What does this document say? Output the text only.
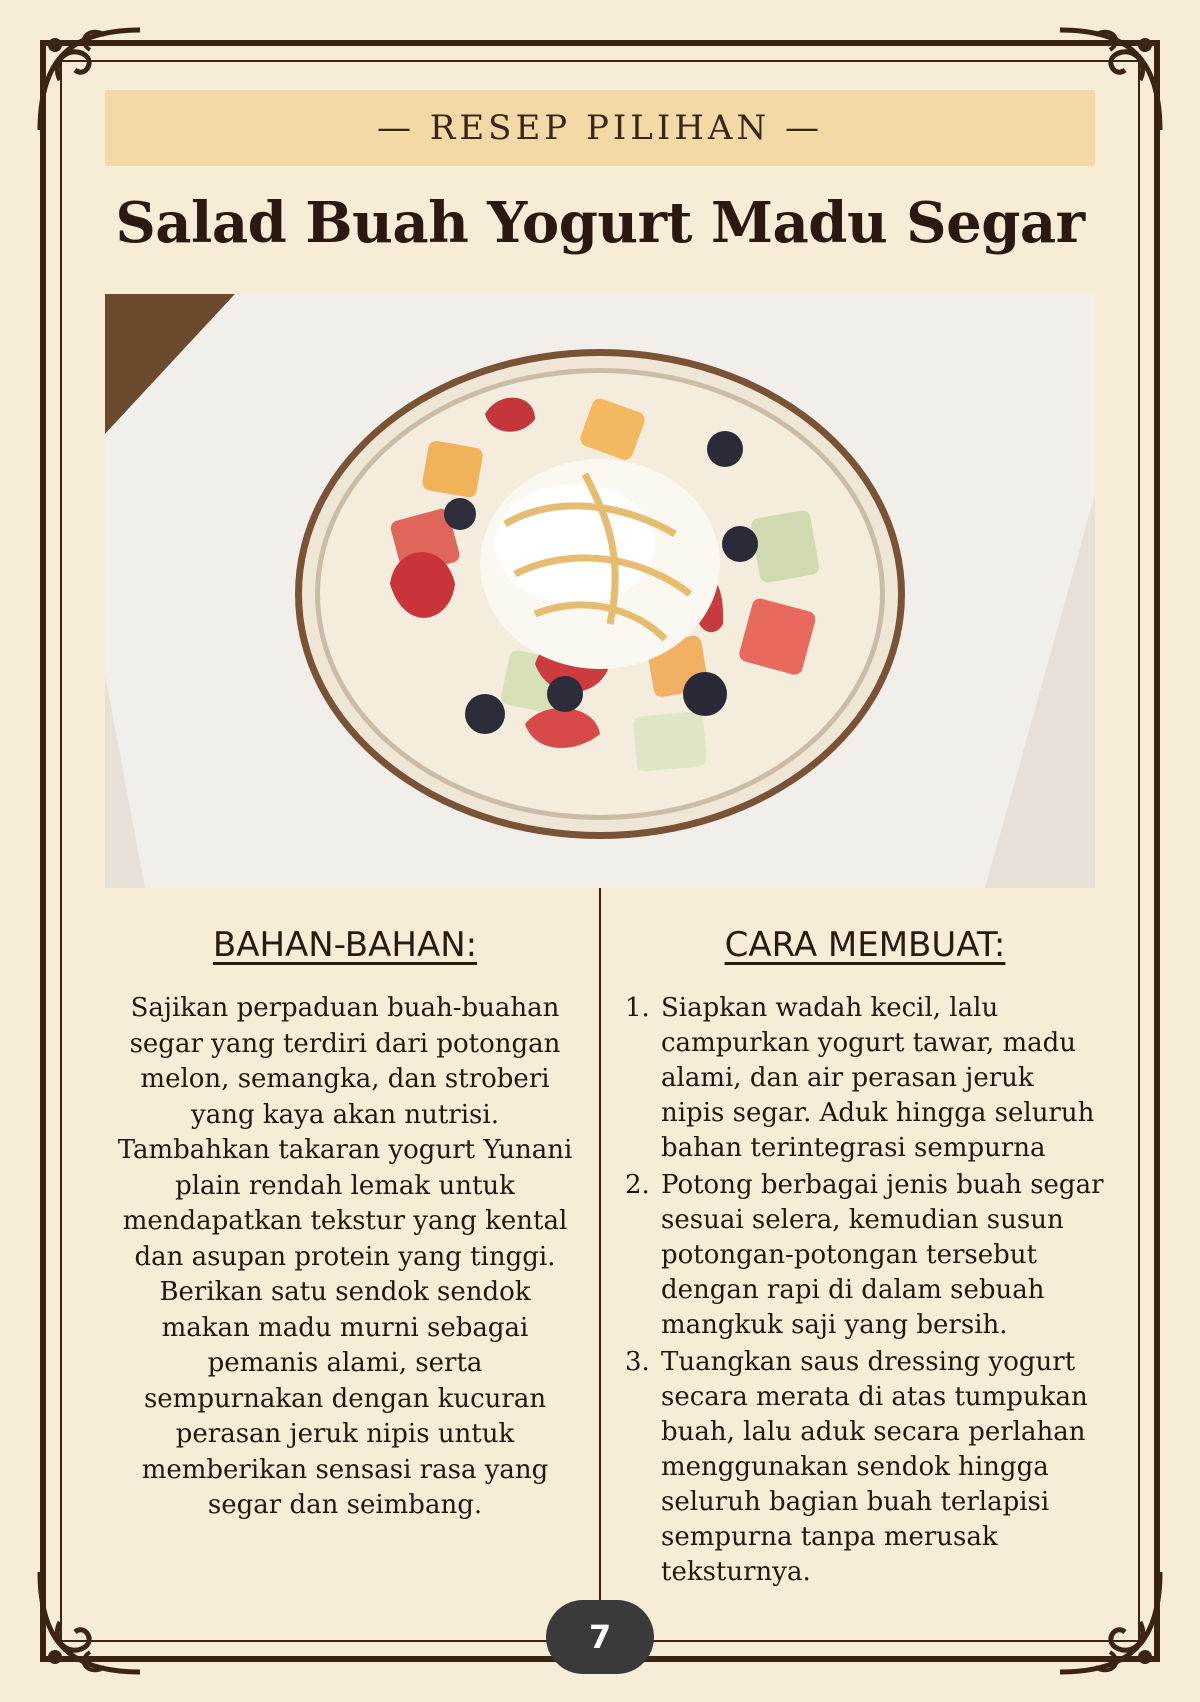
— RESEP PILIHAN —
Salad Buah Yogurt Madu Segar
BAHAN-BAHAN:

Sajikan perpaduan buah-buahan segar yang terdiri dari potongan melon, semangka, dan stroberi yang kaya akan nutrisi. Tambahkan takaran yogurt Yunani plain rendah lemak untuk mendapatkan tekstur yang kental dan asupan protein yang tinggi. Berikan satu sendok sendok makan madu murni sebagai pemanis alami, serta sempurnakan dengan kucuran perasan jeruk nipis untuk memberikan sensasi rasa yang segar dan seimbang.

CARA MEMBUAT:
1. Siapkan wadah kecil, lalu campurkan yogurt tawar, madu alami, dan air perasan jeruk nipis segar. Aduk hingga seluruh bahan terintegrasi sempurna
2. Potong berbagai jenis buah segar sesuai selera, kemudian susun potongan-potongan tersebut dengan rapi di dalam sebuah mangkuk saji yang bersih.
3. Tuangkan saus dressing yogurt secara merata di atas tumpukan buah, lalu aduk secara perlahan menggunakan sendok hingga seluruh bagian buah terlapisi sempurna tanpa merusak teksturnya.
7
